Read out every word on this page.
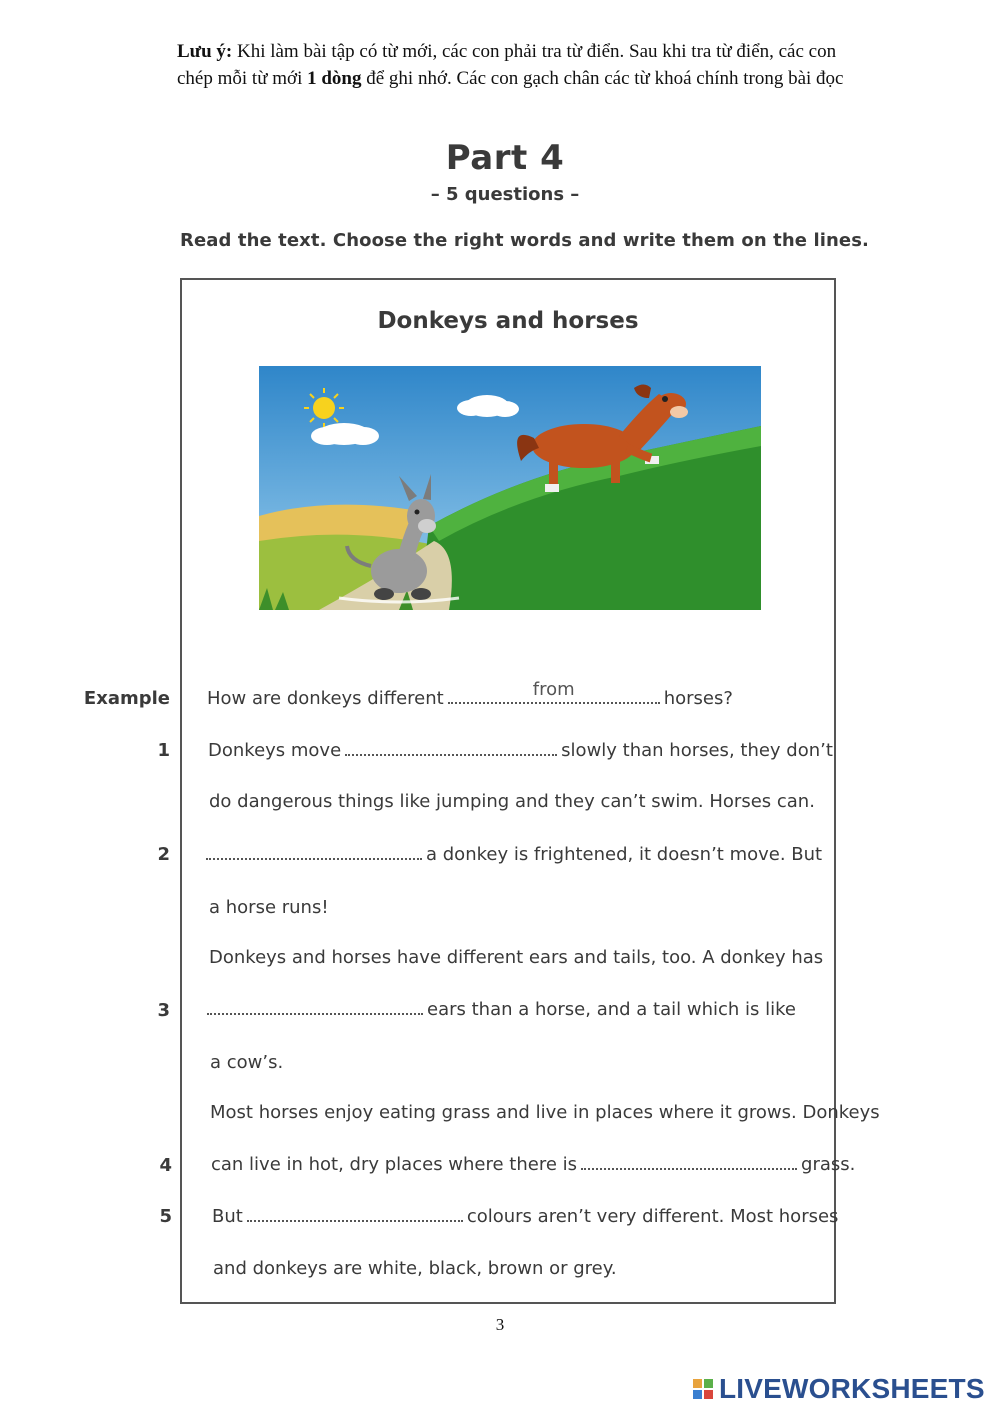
Lưu ý: Khi làm bài tập có từ mới, các con phải tra từ điển. Sau khi tra từ điển, các con chép mỗi từ mới 1 dòng để ghi nhớ. Các con gạch chân các từ khoá chính trong bài đọc
Part 4
– 5 questions –
Read the text. Choose the right words and write them on the lines.
Donkeys and horses
Example How are donkeys different	from	horses?
1 Donkeys move	slowly than horses, they don’t
do dangerous things like jumping and they can’t swim. Horses can.
2	a donkey is frightened, it doesn’t move. But
a horse runs!
Donkeys and horses have different ears and tails, too. A donkey has
3	ears than a horse, and a tail which is like
a cow’s.
Most horses enjoy eating grass and live in places where it grows. Donkeys
4 can live in hot, dry places where there is	grass.
5 But	colours aren’t very different. Most horses
and donkeys are white, black, brown or grey.
3
LIVEWORKSHEETS
